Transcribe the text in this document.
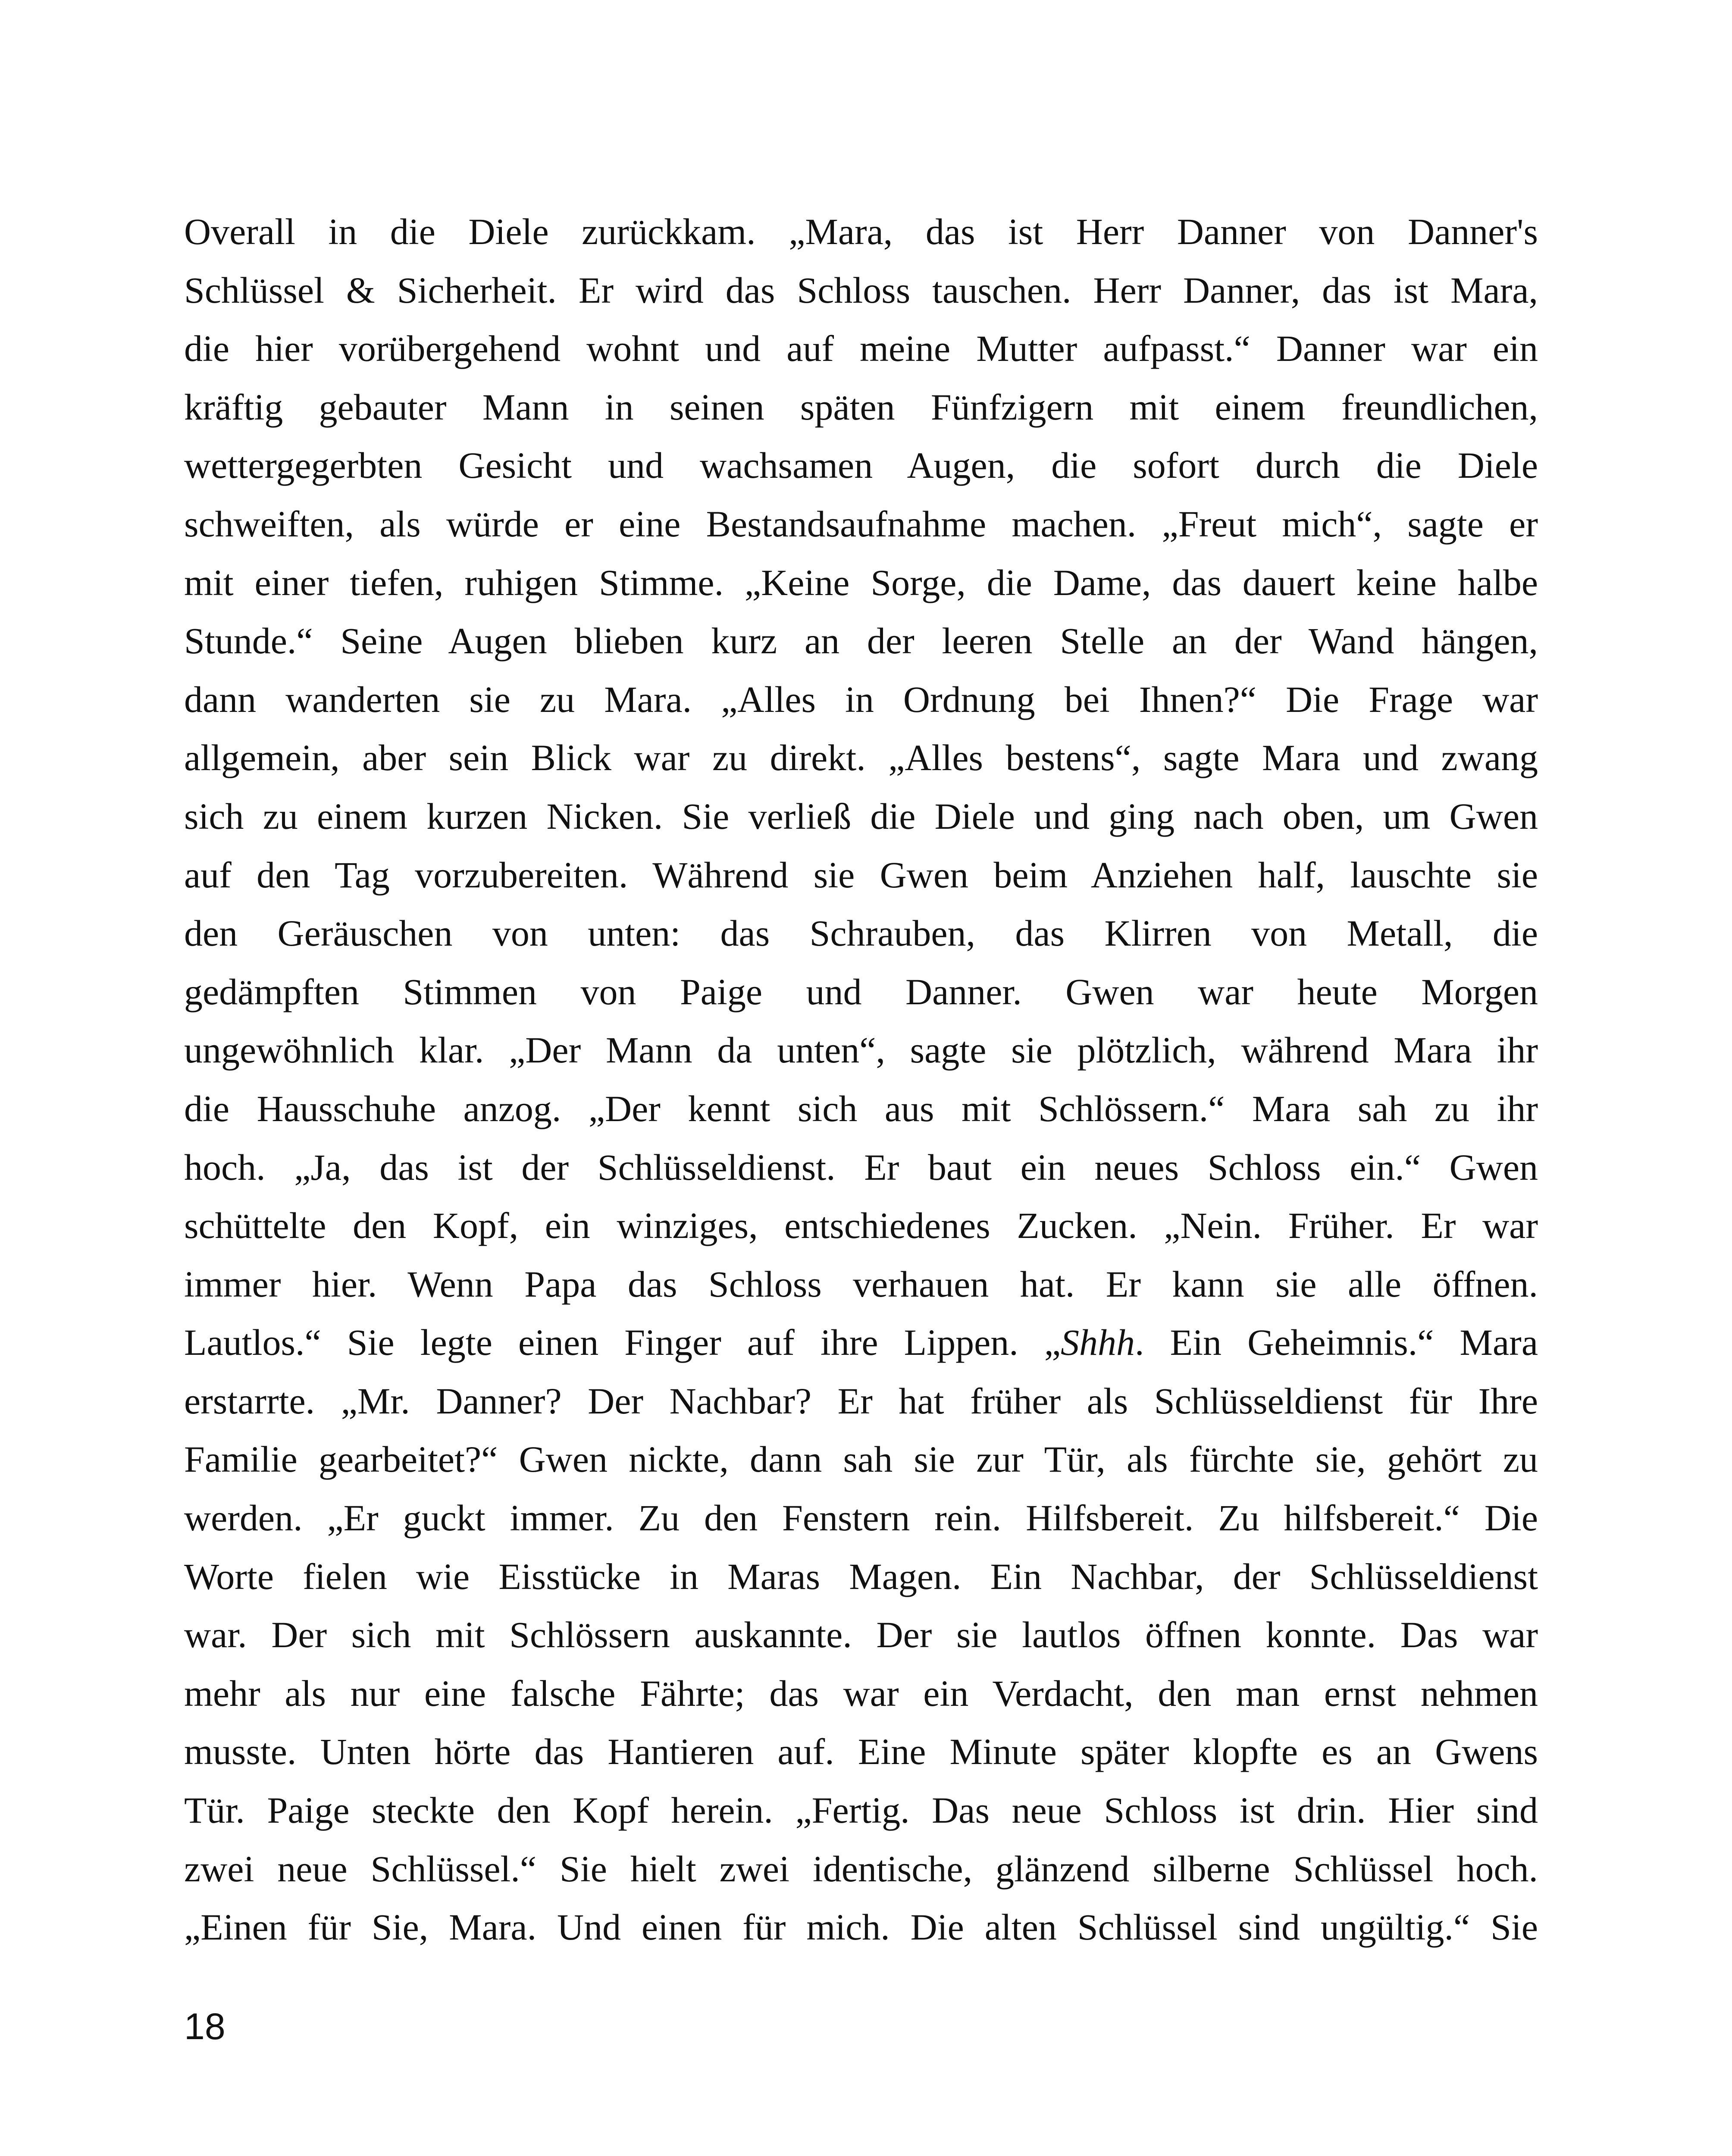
Overall in die Diele zurückkam. „Mara, das ist Herr Danner von Danner's
Schlüssel & Sicherheit. Er wird das Schloss tauschen. Herr Danner, das ist Mara,
die hier vorübergehend wohnt und auf meine Mutter aufpasst.“ Danner war ein
kräftig gebauter Mann in seinen späten Fünfzigern mit einem freundlichen,
wettergegerbten Gesicht und wachsamen Augen, die sofort durch die Diele
schweiften, als würde er eine Bestandsaufnahme machen. „Freut mich“, sagte er
mit einer tiefen, ruhigen Stimme. „Keine Sorge, die Dame, das dauert keine halbe
Stunde.“ Seine Augen blieben kurz an der leeren Stelle an der Wand hängen,
dann wanderten sie zu Mara. „Alles in Ordnung bei Ihnen?“ Die Frage war
allgemein, aber sein Blick war zu direkt. „Alles bestens“, sagte Mara und zwang
sich zu einem kurzen Nicken. Sie verließ die Diele und ging nach oben, um Gwen
auf den Tag vorzubereiten. Während sie Gwen beim Anziehen half, lauschte sie
den Geräuschen von unten: das Schrauben, das Klirren von Metall, die
gedämpften Stimmen von Paige und Danner. Gwen war heute Morgen
ungewöhnlich klar. „Der Mann da unten“, sagte sie plötzlich, während Mara ihr
die Hausschuhe anzog. „Der kennt sich aus mit Schlössern.“ Mara sah zu ihr
hoch. „Ja, das ist der Schlüsseldienst. Er baut ein neues Schloss ein.“ Gwen
schüttelte den Kopf, ein winziges, entschiedenes Zucken. „Nein. Früher. Er war
immer hier. Wenn Papa das Schloss verhauen hat. Er kann sie alle öffnen.
Lautlos.“ Sie legte einen Finger auf ihre Lippen. „Shhh. Ein Geheimnis.“ Mara
erstarrte. „Mr. Danner? Der Nachbar? Er hat früher als Schlüsseldienst für Ihre
Familie gearbeitet?“ Gwen nickte, dann sah sie zur Tür, als fürchte sie, gehört zu
werden. „Er guckt immer. Zu den Fenstern rein. Hilfsbereit. Zu hilfsbereit.“ Die
Worte fielen wie Eisstücke in Maras Magen. Ein Nachbar, der Schlüsseldienst
war. Der sich mit Schlössern auskannte. Der sie lautlos öffnen konnte. Das war
mehr als nur eine falsche Fährte; das war ein Verdacht, den man ernst nehmen
musste. Unten hörte das Hantieren auf. Eine Minute später klopfte es an Gwens
Tür. Paige steckte den Kopf herein. „Fertig. Das neue Schloss ist drin. Hier sind
zwei neue Schlüssel.“ Sie hielt zwei identische, glänzend silberne Schlüssel hoch.
„Einen für Sie, Mara. Und einen für mich. Die alten Schlüssel sind ungültig.“ Sie
18
